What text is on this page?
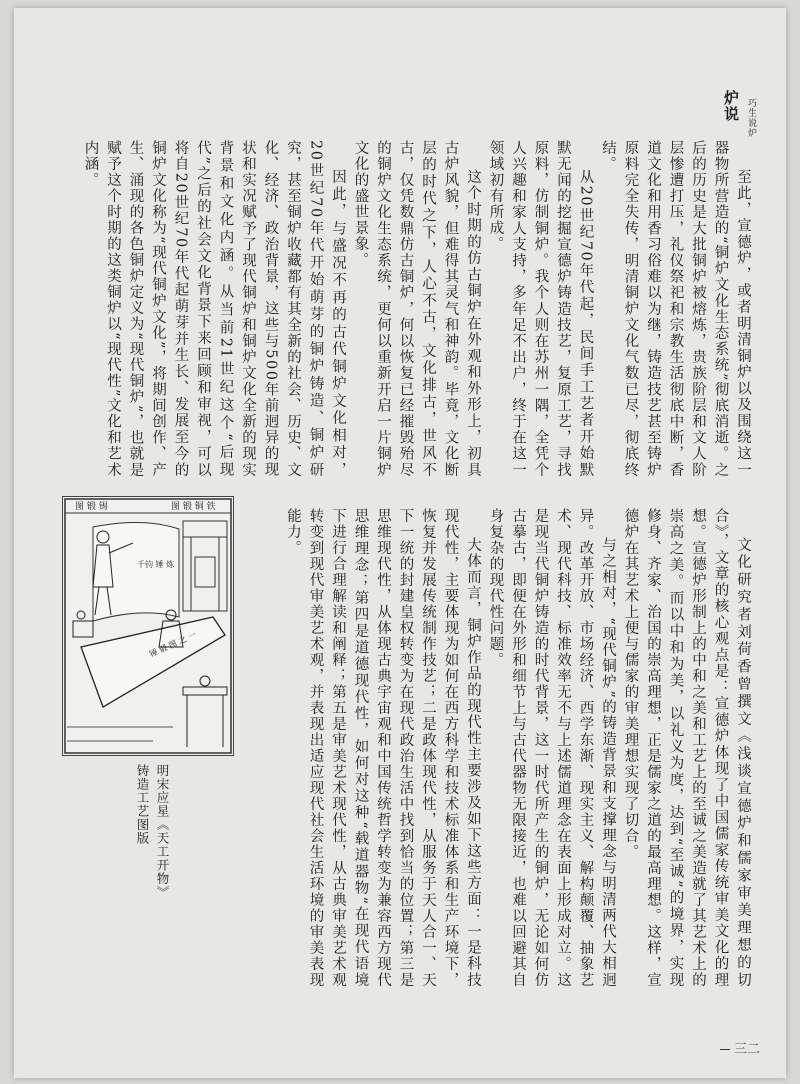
炉说 巧生说炉

至此，宣德炉，或者明清铜炉以及围绕这一器物所营造的“铜炉文化生态系统”彻底消逝。之后的历史是大批铜炉被熔炼，贵族阶层和文人阶层惨遭打压，礼仪祭祀和宗教生活彻底中断，香道文化和用香习俗难以为继，铸造技艺甚至铸炉原料完全失传，明清铜炉文化气数已尽，彻底终结。

从20世纪70年代起，民间手工艺者开始默默无闻的挖掘宣德炉铸造技艺，复原工艺，寻找原料，仿制铜炉。我个人则在苏州一隅，全凭个人兴趣和家人支持，多年足不出户，终于在这一领域初有所成。

这个时期的仿古铜炉在外观和外形上，初具古炉风貌，但难得其灵气和神韵。毕竟，文化断层的时代之下，人心不古，文化排古，世风不古，仅凭数鼎仿古铜炉，何以恢复已经摧毁殆尽的铜炉文化生态系统，更何以重新开启一片铜炉文化的盛世景象。

因此，与盛况不再的古代铜炉文化相对，20世纪70年代开始萌芽的铜炉铸造、铜炉研究，甚至铜炉收藏都有其全新的社会、历史、文化、经济、政治背景，这些与500年前迥异的现状和实况赋予了现代铜炉和铜炉文化全新的现实背景和文化内涵。从当前21世纪这个“后现代”之后的社会文化背景下来回顾和审视，可以将自20世纪70年代起萌芽并生长、发展至今的铜炉文化称为“现代铜炉文化”，将期间创作、产生、涌现的各色铜炉定义为“现代铜炉”，也就是赋予这个时期的这类铜炉以“现代性”文化和艺术内涵。

文化研究者刘荷香曾撰文《浅谈宣德炉和儒家审美理想的切合》，文章的核心观点是：宣德炉体现了中国儒家传统审美文化的理想。宣德炉形制上的中和之美和工艺上的至诚之美造就了其艺术上的崇高之美。而以中和为美，以礼义为度，达到“至诚”的境界，实现修身、齐家、治国的崇高理想，正是儒家之道的最高理想。这样，宣德炉在其艺术上便与儒家的审美理想实现了切合。

与之相对，“现代铜炉”的铸造背景和支撑理念与明清两代大相迥异。改革开放、市场经济、西学东渐、现实主义、解构颠覆、抽象艺术、现代科技、标准效率无不与上述儒道理念在表面上形成对立。这是现当代铜炉铸造的时代背景，这一时代所产生的铜炉，无论如何仿古摹古，即便在外形和细节上与古代器物无限接近，也难以回避其自身复杂的现代性问题。

大体而言，铜炉作品的现代性主要涉及如下这些方面：一是科技现代性，主要体现为如何在西方科学和技术标准体系和生产环境下，恢复并发展传统制作技艺；二是政体现代性，从服务于天人合一、天下一统的封建皇权转变为在现代政治生活中找到恰当的位置；第三是思维现代性，从体现古典宇宙观和中国传统哲学转变为兼容西方现代思维理念；第四是道德现代性，如何对这种“载道器物”在现代语境下进行合理解读和阐释；第五是审美艺术现代性，从古典审美艺术观转变到现代审美艺术观，并表现出适应现代社会生活环境的审美表现能力。

图 锻 铜 铁
图 锻 锡
锤 锻 图 之 一
千钧 锤 炼
明宋应星《天工开物》
铸造工艺图版
三二
